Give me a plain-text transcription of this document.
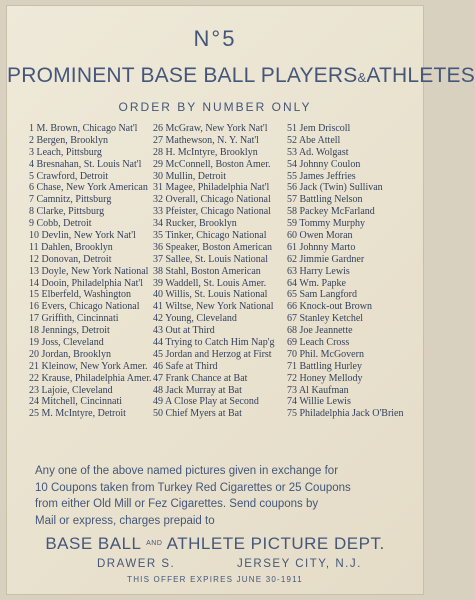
N°5
PROMINENT BASE BALL PLAYERS&ATHLETES
ORDER BY NUMBER ONLY
1 M. Brown, Chicago Nat'l
2 Bergen, Brooklyn
3 Leach, Pittsburg
4 Bresnahan, St. Louis Nat'l
5 Crawford, Detroit
6 Chase, New York American
7 Camnitz, Pittsburg
8 Clarke, Pittsburg
9 Cobb, Detroit
10 Devlin, New York Nat'l
11 Dahlen, Brooklyn
12 Donovan, Detroit
13 Doyle, New York National
14 Dooin, Philadelphia Nat'l
15 Elberfeld, Washington
16 Evers, Chicago National
17 Griffith, Cincinnati
18 Jennings, Detroit
19 Joss, Cleveland
20 Jordan, Brooklyn
21 Kleinow, New York Amer.
22 Krause, Philadelphia Amer.
23 Lajoie, Cleveland
24 Mitchell, Cincinnati
25 M. McIntyre, Detroit
26 McGraw, New York Nat'l
27 Mathewson, N. Y. Nat'l
28 H. McIntyre, Brooklyn
29 McConnell, Boston Amer.
30 Mullin, Detroit
31 Magee, Philadelphia Nat'l
32 Overall, Chicago National
33 Pfeister, Chicago National
34 Rucker, Brooklyn
35 Tinker, Chicago National
36 Speaker, Boston American
37 Sallee, St. Louis National
38 Stahl, Boston American
39 Waddell, St. Louis Amer.
40 Willis, St. Louis National
41 Wiltse, New York National
42 Young, Cleveland
43 Out at Third
44 Trying to Catch Him Nap'g
45 Jordan and Herzog at First
46 Safe at Third
47 Frank Chance at Bat
48 Jack Murray at Bat
49 A Close Play at Second
50 Chief Myers at Bat
51 Jem Driscoll
52 Abe Attell
53 Ad. Wolgast
54 Johnny Coulon
55 James Jeffries
56 Jack (Twin) Sullivan
57 Battling Nelson
58 Packey McFarland
59 Tommy Murphy
60 Owen Moran
61 Johnny Marto
62 Jimmie Gardner
63 Harry Lewis
64 Wm. Papke
65 Sam Langford
66 Knock-out Brown
67 Stanley Ketchel
68 Joe Jeannette
69 Leach Cross
70 Phil. McGovern
71 Battling Hurley
72 Honey Mellody
73 Al Kaufman
74 Willie Lewis
75 Philadelphia Jack O'Brien
Any one of the above named pictures given in exchange for
10 Coupons taken from Turkey Red Cigarettes or 25 Coupons
from either Old Mill or Fez Cigarettes. Send coupons by
Mail or express, charges prepaid to
BASE BALL $^{AND}$ ATHLETE PICTURE DEPT.
DRAWER S.	JERSEY CITY, N.J.
THIS OFFER EXPIRES JUNE 30-1911
